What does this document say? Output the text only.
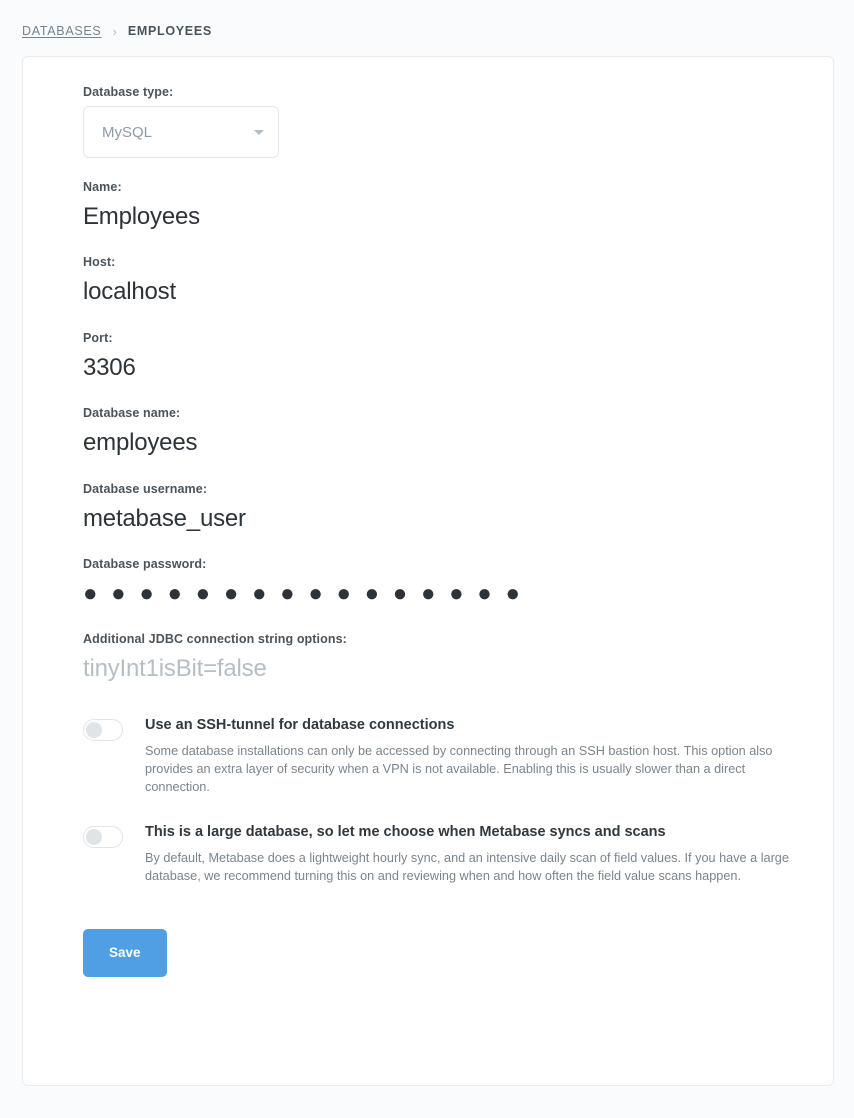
DATABASES › EMPLOYEES
Database type:
MySQL
Name:
Employees
Host:
localhost
Port:
3306
Database name:
employees
Database username:
metabase_user
Database password:
● ● ● ● ● ● ● ● ● ● ● ● ● ● ● ●
Additional JDBC connection string options:
tinyInt1isBit=false
Use an SSH-tunnel for database connections
Some database installations can only be accessed by connecting through an SSH bastion host. This option also provides an extra layer of security when a VPN is not available. Enabling this is usually slower than a direct connection.
This is a large database, so let me choose when Metabase syncs and scans
By default, Metabase does a lightweight hourly sync, and an intensive daily scan of field values. If you have a large database, we recommend turning this on and reviewing when and how often the field value scans happen.
Save
